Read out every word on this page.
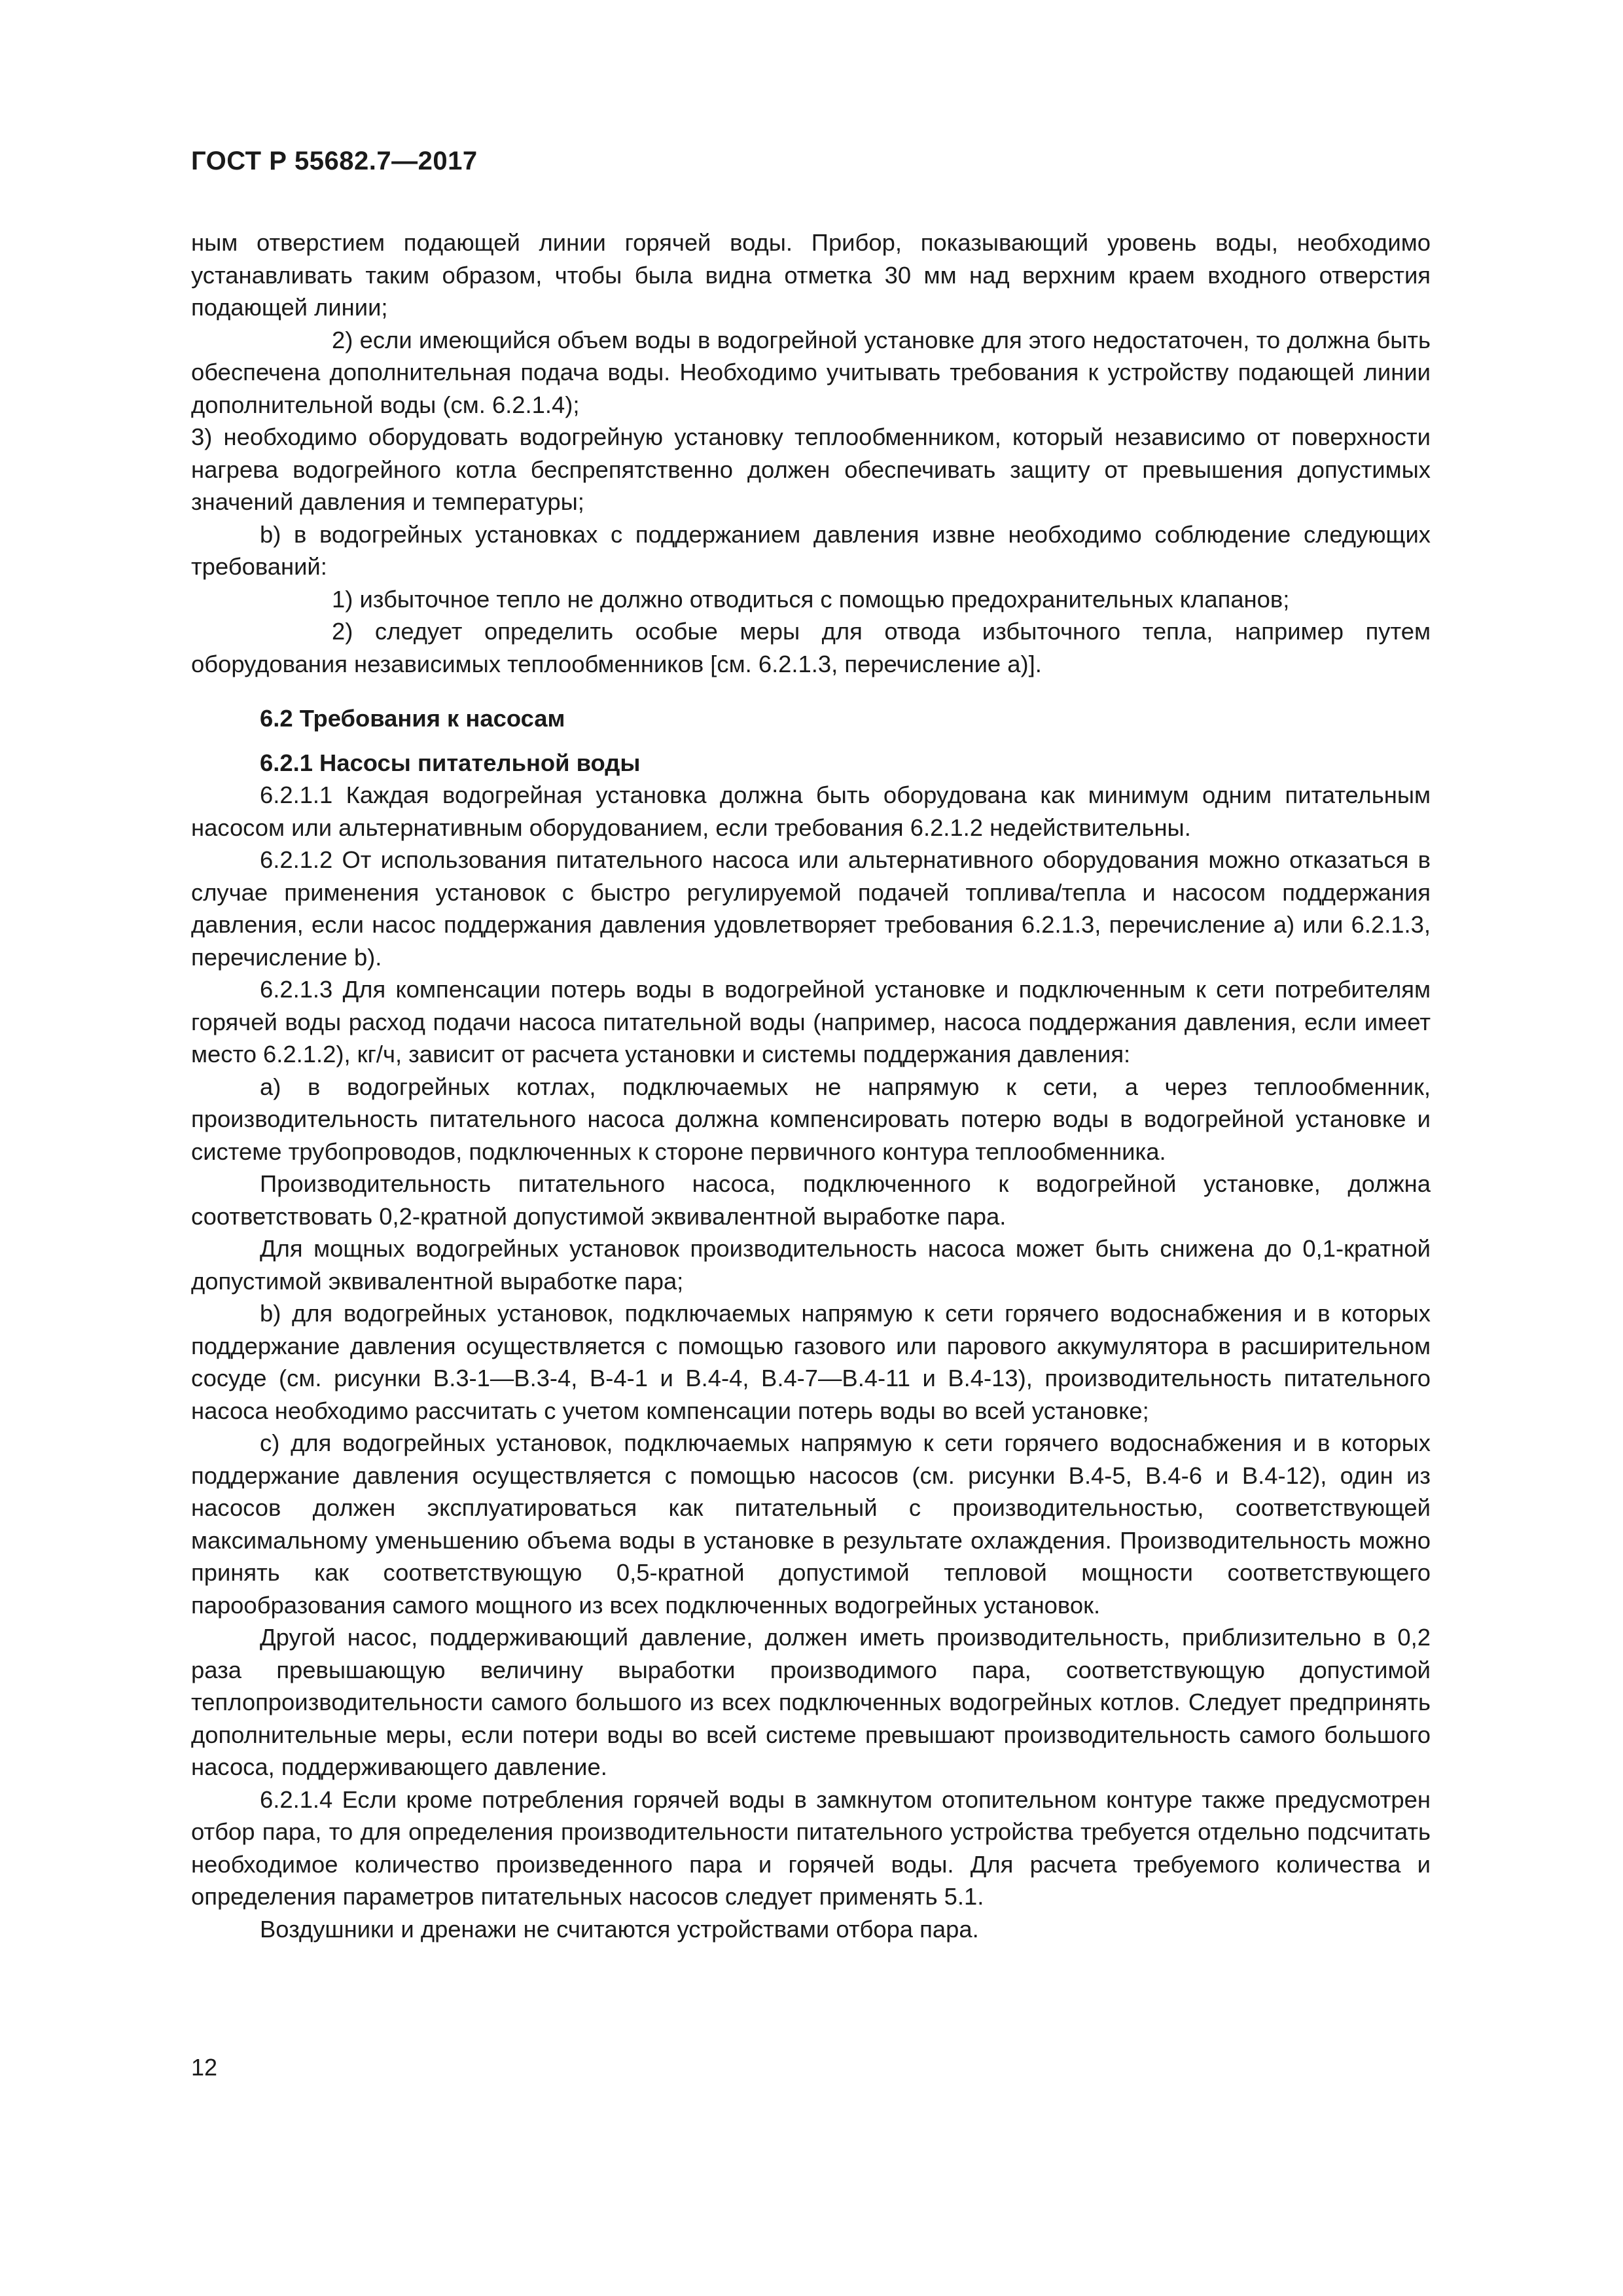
ГОСТ Р 55682.7—2017

ным отверстием подающей линии горячей воды. Прибор, показывающий уровень воды, необходимо устанавливать таким образом, чтобы была видна отметка 30 мм над верхним краем входного отверстия подающей линии;

2) если имеющийся объем воды в водогрейной установке для этого недостаточен, то должна быть обеспечена дополнительная подача воды. Необходимо учитывать требования к устройству подающей линии дополнительной воды (см. 6.2.1.4);

3) необходимо оборудовать водогрейную установку теплообменником, который независимо от поверхности нагрева водогрейного котла беспрепятственно должен обеспечивать защиту от превышения допустимых значений давления и температуры;

b) в водогрейных установках с поддержанием давления извне необходимо соблюдение следующих требований:

1) избыточное тепло не должно отводиться с помощью предохранительных клапанов;

2) следует определить особые меры для отвода избыточного тепла, например путем оборудования независимых теплообменников [см. 6.2.1.3, перечисление а)].

6.2 Требования к насосам

6.2.1 Насосы питательной воды

6.2.1.1 Каждая водогрейная установка должна быть оборудована как минимум одним питательным насосом или альтернативным оборудованием, если требования 6.2.1.2 недействительны.

6.2.1.2 От использования питательного насоса или альтернативного оборудования можно отказаться в случае применения установок с быстро регулируемой подачей топлива/тепла и насосом поддержания давления, если насос поддержания давления удовлетворяет требования 6.2.1.3, перечисление а) или 6.2.1.3, перечисление b).

6.2.1.3 Для компенсации потерь воды в водогрейной установке и подключенным к сети потребителям горячей воды расход подачи насоса питательной воды (например, насоса поддержания давления, если имеет место 6.2.1.2), кг/ч, зависит от расчета установки и системы поддержания давления:

а) в водогрейных котлах, подключаемых не напрямую к сети, а через теплообменник, производительность питательного насоса должна компенсировать потерю воды в водогрейной установке и системе трубопроводов, подключенных к стороне первичного контура теплообменника.

Производительность питательного насоса, подключенного к водогрейной установке, должна соответствовать 0,2-кратной допустимой эквивалентной выработке пара.

Для мощных водогрейных установок производительность насоса может быть снижена до 0,1-кратной допустимой эквивалентной выработке пара;

b) для водогрейных установок, подключаемых напрямую к сети горячего водоснабжения и в которых поддержание давления осуществляется с помощью газового или парового аккумулятора в расширительном сосуде (см. рисунки В.3-1—В.3-4, В-4-1 и В.4-4, В.4-7—В.4-11 и В.4-13), производительность питательного насоса необходимо рассчитать с учетом компенсации потерь воды во всей установке;

с) для водогрейных установок, подключаемых напрямую к сети горячего водоснабжения и в которых поддержание давления осуществляется с помощью насосов (см. рисунки В.4-5, В.4-6 и В.4-12), один из насосов должен эксплуатироваться как питательный с производительностью, соответствующей максимальному уменьшению объема воды в установке в результате охлаждения. Производительность можно принять как соответствующую 0,5-кратной допустимой тепловой мощности соответствующего парообразования самого мощного из всех подключенных водогрейных установок.

Другой насос, поддерживающий давление, должен иметь производительность, приблизительно в 0,2 раза превышающую величину выработки производимого пара, соответствующую допустимой теплопроизводительности самого большого из всех подключенных водогрейных котлов. Следует предпринять дополнительные меры, если потери воды во всей системе превышают производительность самого большого насоса, поддерживающего давление.

6.2.1.4 Если кроме потребления горячей воды в замкнутом отопительном контуре также предусмотрен отбор пара, то для определения производительности питательного устройства требуется отдельно подсчитать необходимое количество произведенного пара и горячей воды. Для расчета требуемого количества и определения параметров питательных насосов следует применять 5.1.

Воздушники и дренажи не считаются устройствами отбора пара.

12
